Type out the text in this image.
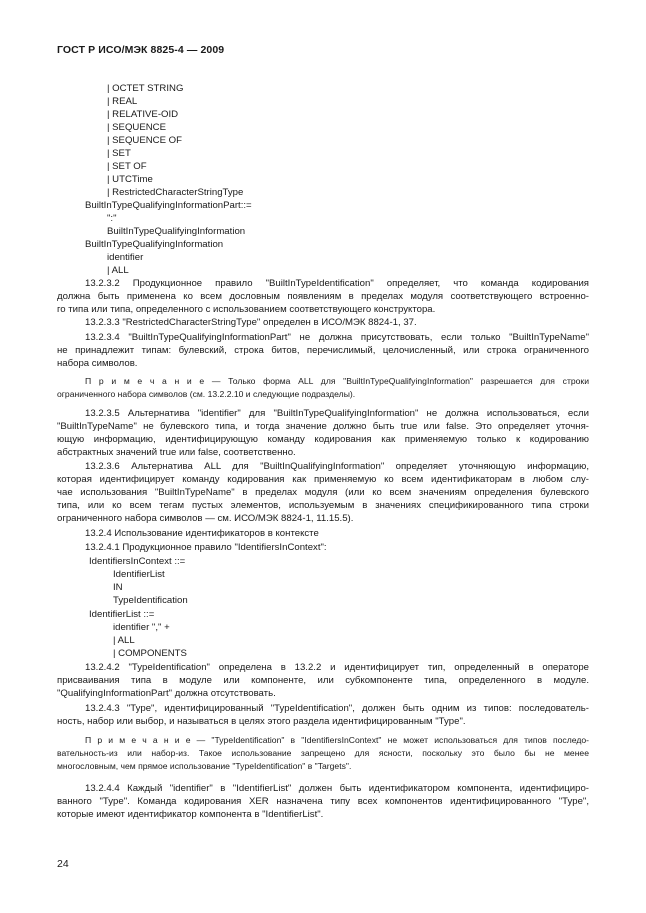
ГОСТ Р ИСО/МЭК 8825-4 — 2009
| OCTET STRING
| REAL
| RELATIVE-OID
| SEQUENCE
| SEQUENCE OF
| SET
| SET OF
| UTCTime
| RestrictedCharacterStringType
BuiltInTypeQualifyingInformationPart::=
":"
BuiltInTypeQualifyingInformation
BuiltInTypeQualifyingInformation
identifier
| ALL
13.2.3.2 Продукционное правило "BuiltInTypeIdentification" определяет, что команда кодирования
должна быть применена ко всем дословным появлениям в пределах модуля соответствующего встроенно-
го типа или типа, определенного с использованием соответствующего конструктора.
13.2.3.3 "RestrictedCharacterStringType" определен в ИСО/МЭК 8824-1, 37.
13.2.3.4 "BuiltInTypeQualifyingInformationPart" не должна присутствовать, если только "BuiltInTypeName"
не принадлежит типам: булевский, строка битов, перечислимый, целочисленный, или строка ограниченного
набора символов.
П р и м е ч а н и е — Только форма ALL для "BuiltInTypeQualifyingInformation" разрешается для строки
ограниченного набора символов (см. 13.2.2.10 и следующие подразделы).
13.2.3.5 Альтернатива "identifier" для "BuiltInTypeQualifyingInformation" не должна использоваться, если
"BuiltInTypeName" не булевского типа, и тогда значение должно быть true или false. Это определяет уточня-
ющую информацию, идентифицирующую команду кодирования как применяемую только к кодированию
абстрактных значений true или false, соответственно.
13.2.3.6 Альтернатива ALL для "BuiltInQualifyingInformation" определяет уточняющую информацию,
которая идентифицирует команду кодирования как применяемую ко всем идентификаторам в любом слу-
чае использования "BuiltInTypeName" в пределах модуля (или ко всем значениям определения булевского
типа, или ко всем тегам пустых элементов, используемым в значениях спецификированного типа строки
ограниченного набора символов — см. ИСО/МЭК 8824-1, 11.15.5).
13.2.4 Использование идентификаторов в контексте
13.2.4.1 Продукционное правило "IdentifiersInContext":
IdentifiersInContext ::=
IdentifierList
IN
TypeIdentification
IdentifierList ::=
identifier "," +
| ALL
| COMPONENTS
13.2.4.2 "TypeIdentification" определена в 13.2.2 и идентифицирует тип, определенный в операторе
присваивания типа в модуле или компоненте, или субкомпоненте типа, определенного в модуле.
"QualifyingInformationPart" должна отсутствовать.
13.2.4.3 "Type", идентифицированный "TypeIdentification", должен быть одним из типов: последователь-
ность, набор или выбор, и называться в целях этого раздела идентифицированным "Type".
П р и м е ч а н и е — "TypeIdentification" в "IdentifiersInContext" не может использоваться для типов последо-
вательность-из или набор-из. Такое использование запрещено для ясности, поскольку это было бы не менее
многословным, чем прямое использование "TypeIdentification" в "Targets".
13.2.4.4 Каждый "identifier" в "IdentifierList" должен быть идентификатором компонента, идентифициро-
ванного "Type". Команда кодирования XER назначена типу всех компонентов идентифицированного "Type",
которые имеют идентификатор компонента в "IdentifierList".
24
